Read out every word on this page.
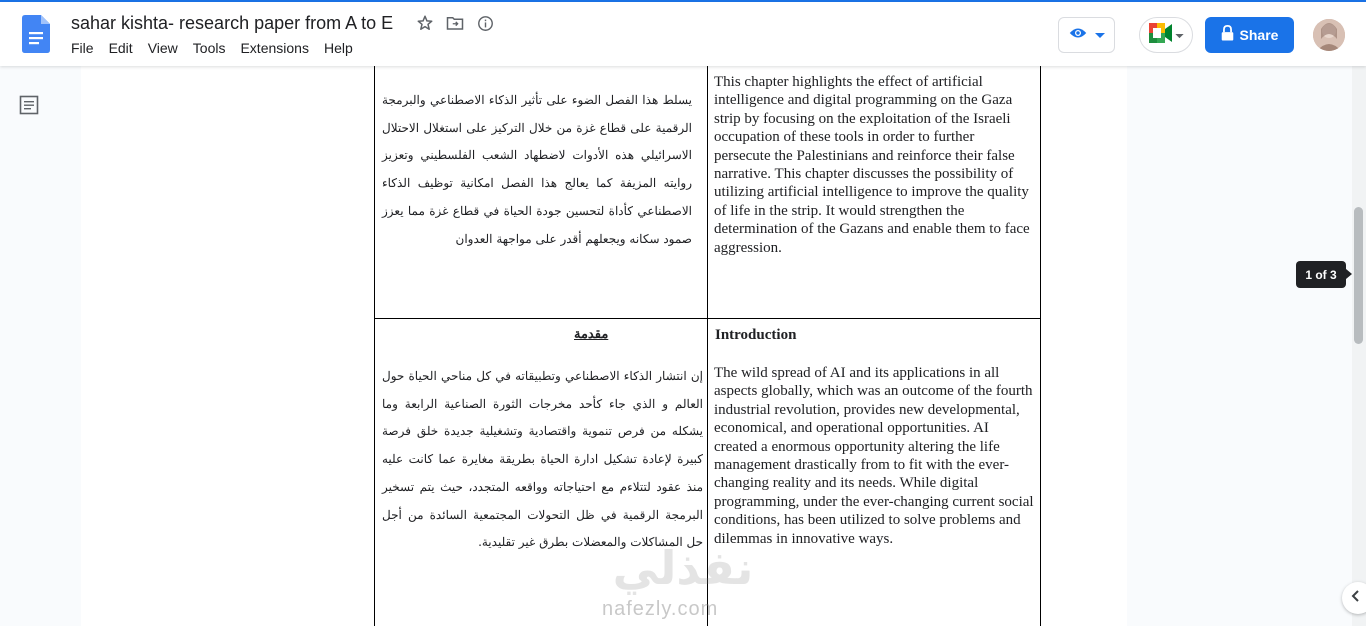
sahar kishta- research paper from A to E
File Edit View Tools Extensions Help
Share
يسلط هذا الفصل الضوء على تأثير الذكاء الاصطناعي والبرمجة الرقمية على قطاع غزة من خلال التركيز على استغلال الاحتلال الاسرائيلي هذه الأدوات لاضطهاد الشعب الفلسطيني وتعزيز روايته المزيفة كما يعالج هذا الفصل امكانية توظيف الذكاء الاصطناعي كأداة لتحسين جودة الحياة في قطاع غزة مما يعزز صمود سكانه ويجعلهم أقدر على مواجهة العدوان
This chapter highlights the effect of artificial intelligence and digital programming on the Gaza strip by focusing on the exploitation of the Israeli occupation of these tools in order to further persecute the Palestinians and reinforce their false narrative. This chapter discusses the possibility of utilizing artificial intelligence to improve the quality of life in the strip. It would strengthen the determination of the Gazans and enable them to face aggression.
مقدمة	Introduction
إن انتشار الذكاء الاصطناعي وتطبيقاته في كل مناحي الحياة حول العالم و الذي جاء كأحد مخرجات الثورة الصناعية الرابعة وما يشكله من فرص تنموية واقتصادية وتشغيلية جديدة خلق فرصة كبيرة لإعادة تشكيل ادارة الحياة بطريقة مغايرة عما كانت عليه منذ عقود لتتلاءم مع احتياجاته وواقعه المتجدد، حيث يتم تسخير البرمجة الرقمية في ظل التحولات المجتمعية السائدة من أجل حل المشاكلات والمعضلات بطرق غير تقليدية.
The wild spread of AI and its applications in all aspects globally, which was an outcome of the fourth industrial revolution, provides new developmental, economical, and operational opportunities. AI created a enormous opportunity altering the life management drastically from to fit with the ever-changing reality and its needs. While digital programming, under the ever-changing current social conditions, has been utilized to solve problems and dilemmas in innovative ways.
نفذلي
nafezly.com
1 of 3
